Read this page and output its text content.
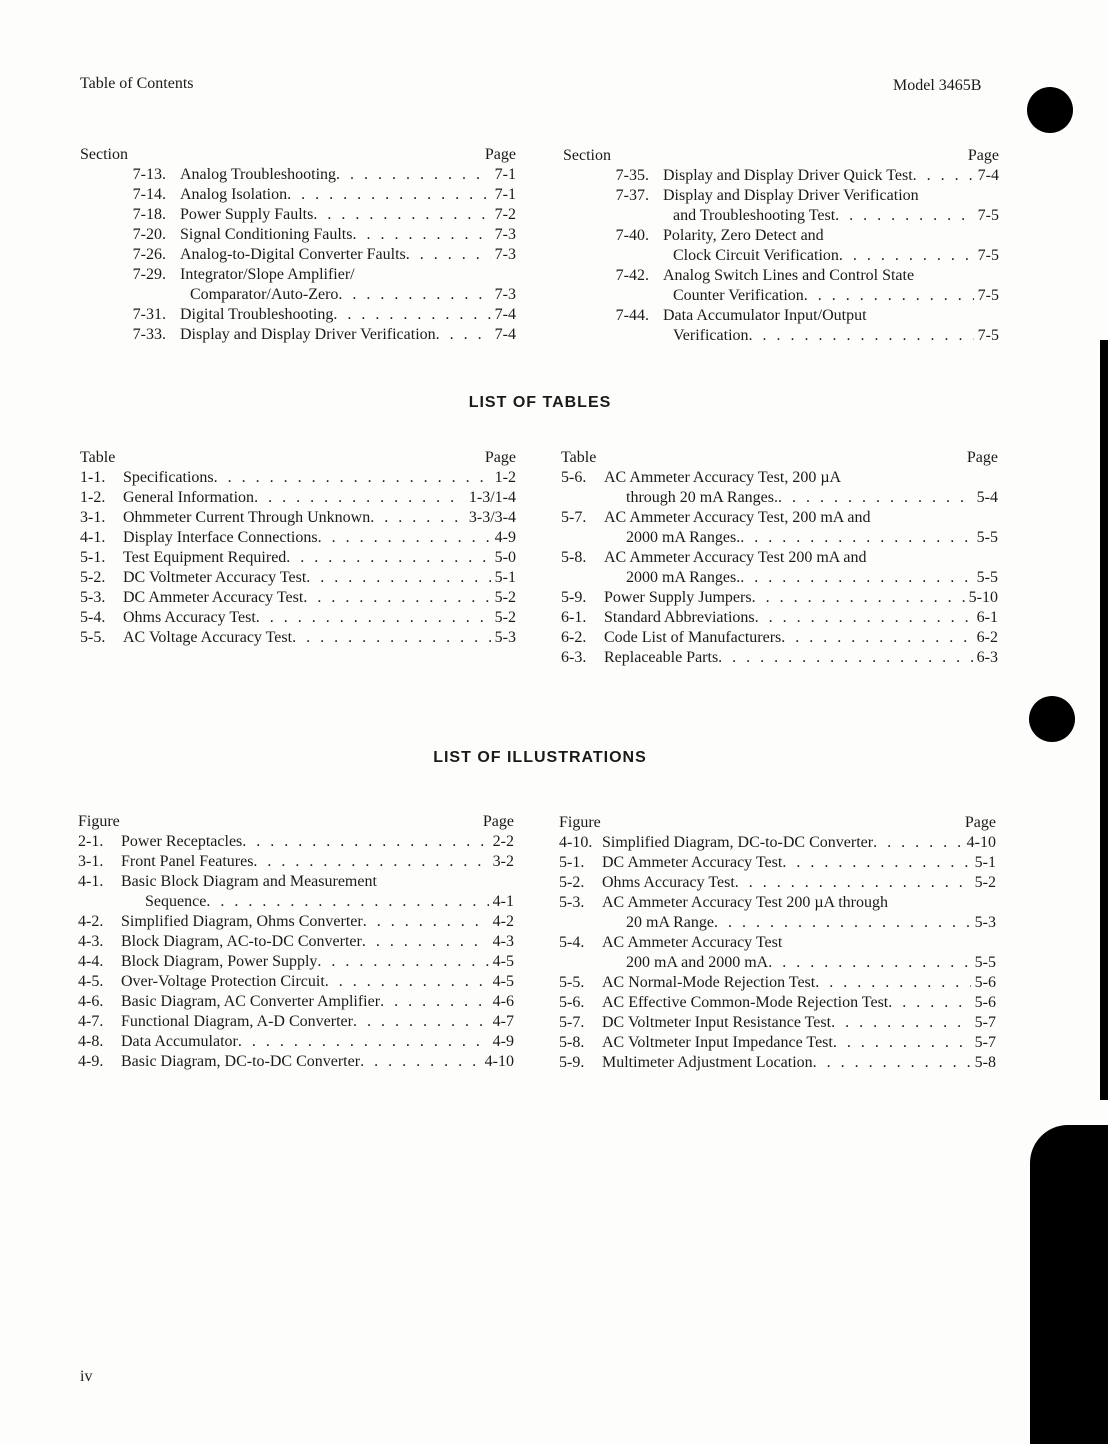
Table of Contents	Model 3465B
Section	Page
7-13. Analog Troubleshooting . . .	7-1
7-14. Analog Isolation . . .	7-1
7-18. Power Supply Faults . . .	7-2
7-20. Signal Conditioning Faults . . .	7-3
7-26. Analog-to-Digital Converter Faults . . .	7-3
7-29. Integrator/Slope Amplifier/
Comparator/Auto-Zero . . .	7-3
7-31. Digital Troubleshooting . . .	7-4
7-33. Display and Display Driver Verification . . .	7-4
Section	Page
7-35. Display and Display Driver Quick Test . . .	7-4
7-37. Display and Display Driver Verification
and Troubleshooting Test . . .	7-5
7-40. Polarity, Zero Detect and
Clock Circuit Verification . . .	7-5
7-42. Analog Switch Lines and Control State
Counter Verification . . .	7-5
7-44. Data Accumulator Input/Output
Verification . . .	7-5
LIST OF TABLES
Table	Page
1-1.	Specifications . . .	1-2
1-2.	General Information . . .	1-3/1-4
3-1.	Ohmmeter Current Through Unknown . . .	3-3/3-4
4-1.	Display Interface Connections . . .	4-9
5-1.	Test Equipment Required . . .	5-0
5-2.	DC Voltmeter Accuracy Test . . .	5-1
5-3.	DC Ammeter Accuracy Test . . .	5-2
5-4.	Ohms Accuracy Test . . .	5-2
5-5.	AC Voltage Accuracy Test . . .	5-3
Table	Page
5-6.	AC Ammeter Accuracy Test, 200 µA
through 20 mA Ranges. . . .	5-4
5-7.	AC Ammeter Accuracy Test, 200 mA and
2000 mA Ranges. . . .	5-5
5-8.	AC Ammeter Accuracy Test 200 mA and
2000 mA Ranges. . . .	5-5
5-9.	Power Supply Jumpers . . .	5-10
6-1.	Standard Abbreviations . . .	6-1
6-2.	Code List of Manufacturers . . .	6-2
6-3.	Replaceable Parts . . .	6-3
LIST OF ILLUSTRATIONS
Figure	Page
2-1.	Power Receptacles . . .	2-2
3-1.	Front Panel Features . . .	3-2
4-1.	Basic Block Diagram and Measurement
Sequence . . .	4-1
4-2.	Simplified Diagram, Ohms Converter . . .	4-2
4-3.	Block Diagram, AC-to-DC Converter . . .	4-3
4-4.	Block Diagram, Power Supply . . .	4-5
4-5.	Over-Voltage Protection Circuit . . .	4-5
4-6.	Basic Diagram, AC Converter Amplifier . . .	4-6
4-7.	Functional Diagram, A-D Converter . . .	4-7
4-8.	Data Accumulator . . .	4-9
4-9.	Basic Diagram, DC-to-DC Converter . . .	4-10
Figure	Page
4-10. Simplified Diagram, DC-to-DC Converter . . .	4-10
5-1.	DC Ammeter Accuracy Test . . .	5-1
5-2.	Ohms Accuracy Test . . .	5-2
5-3.	AC Ammeter Accuracy Test 200 µA through
20 mA Range . . .	5-3
5-4.	AC Ammeter Accuracy Test
200 mA and 2000 mA . . .	5-5
5-5.	AC Normal-Mode Rejection Test . . .	5-6
5-6.	AC Effective Common-Mode Rejection Test . . .	5-6
5-7.	DC Voltmeter Input Resistance Test . . .	5-7
5-8.	AC Voltmeter Input Impedance Test . . .	5-7
5-9.	Multimeter Adjustment Location . . .	5-8
iv
